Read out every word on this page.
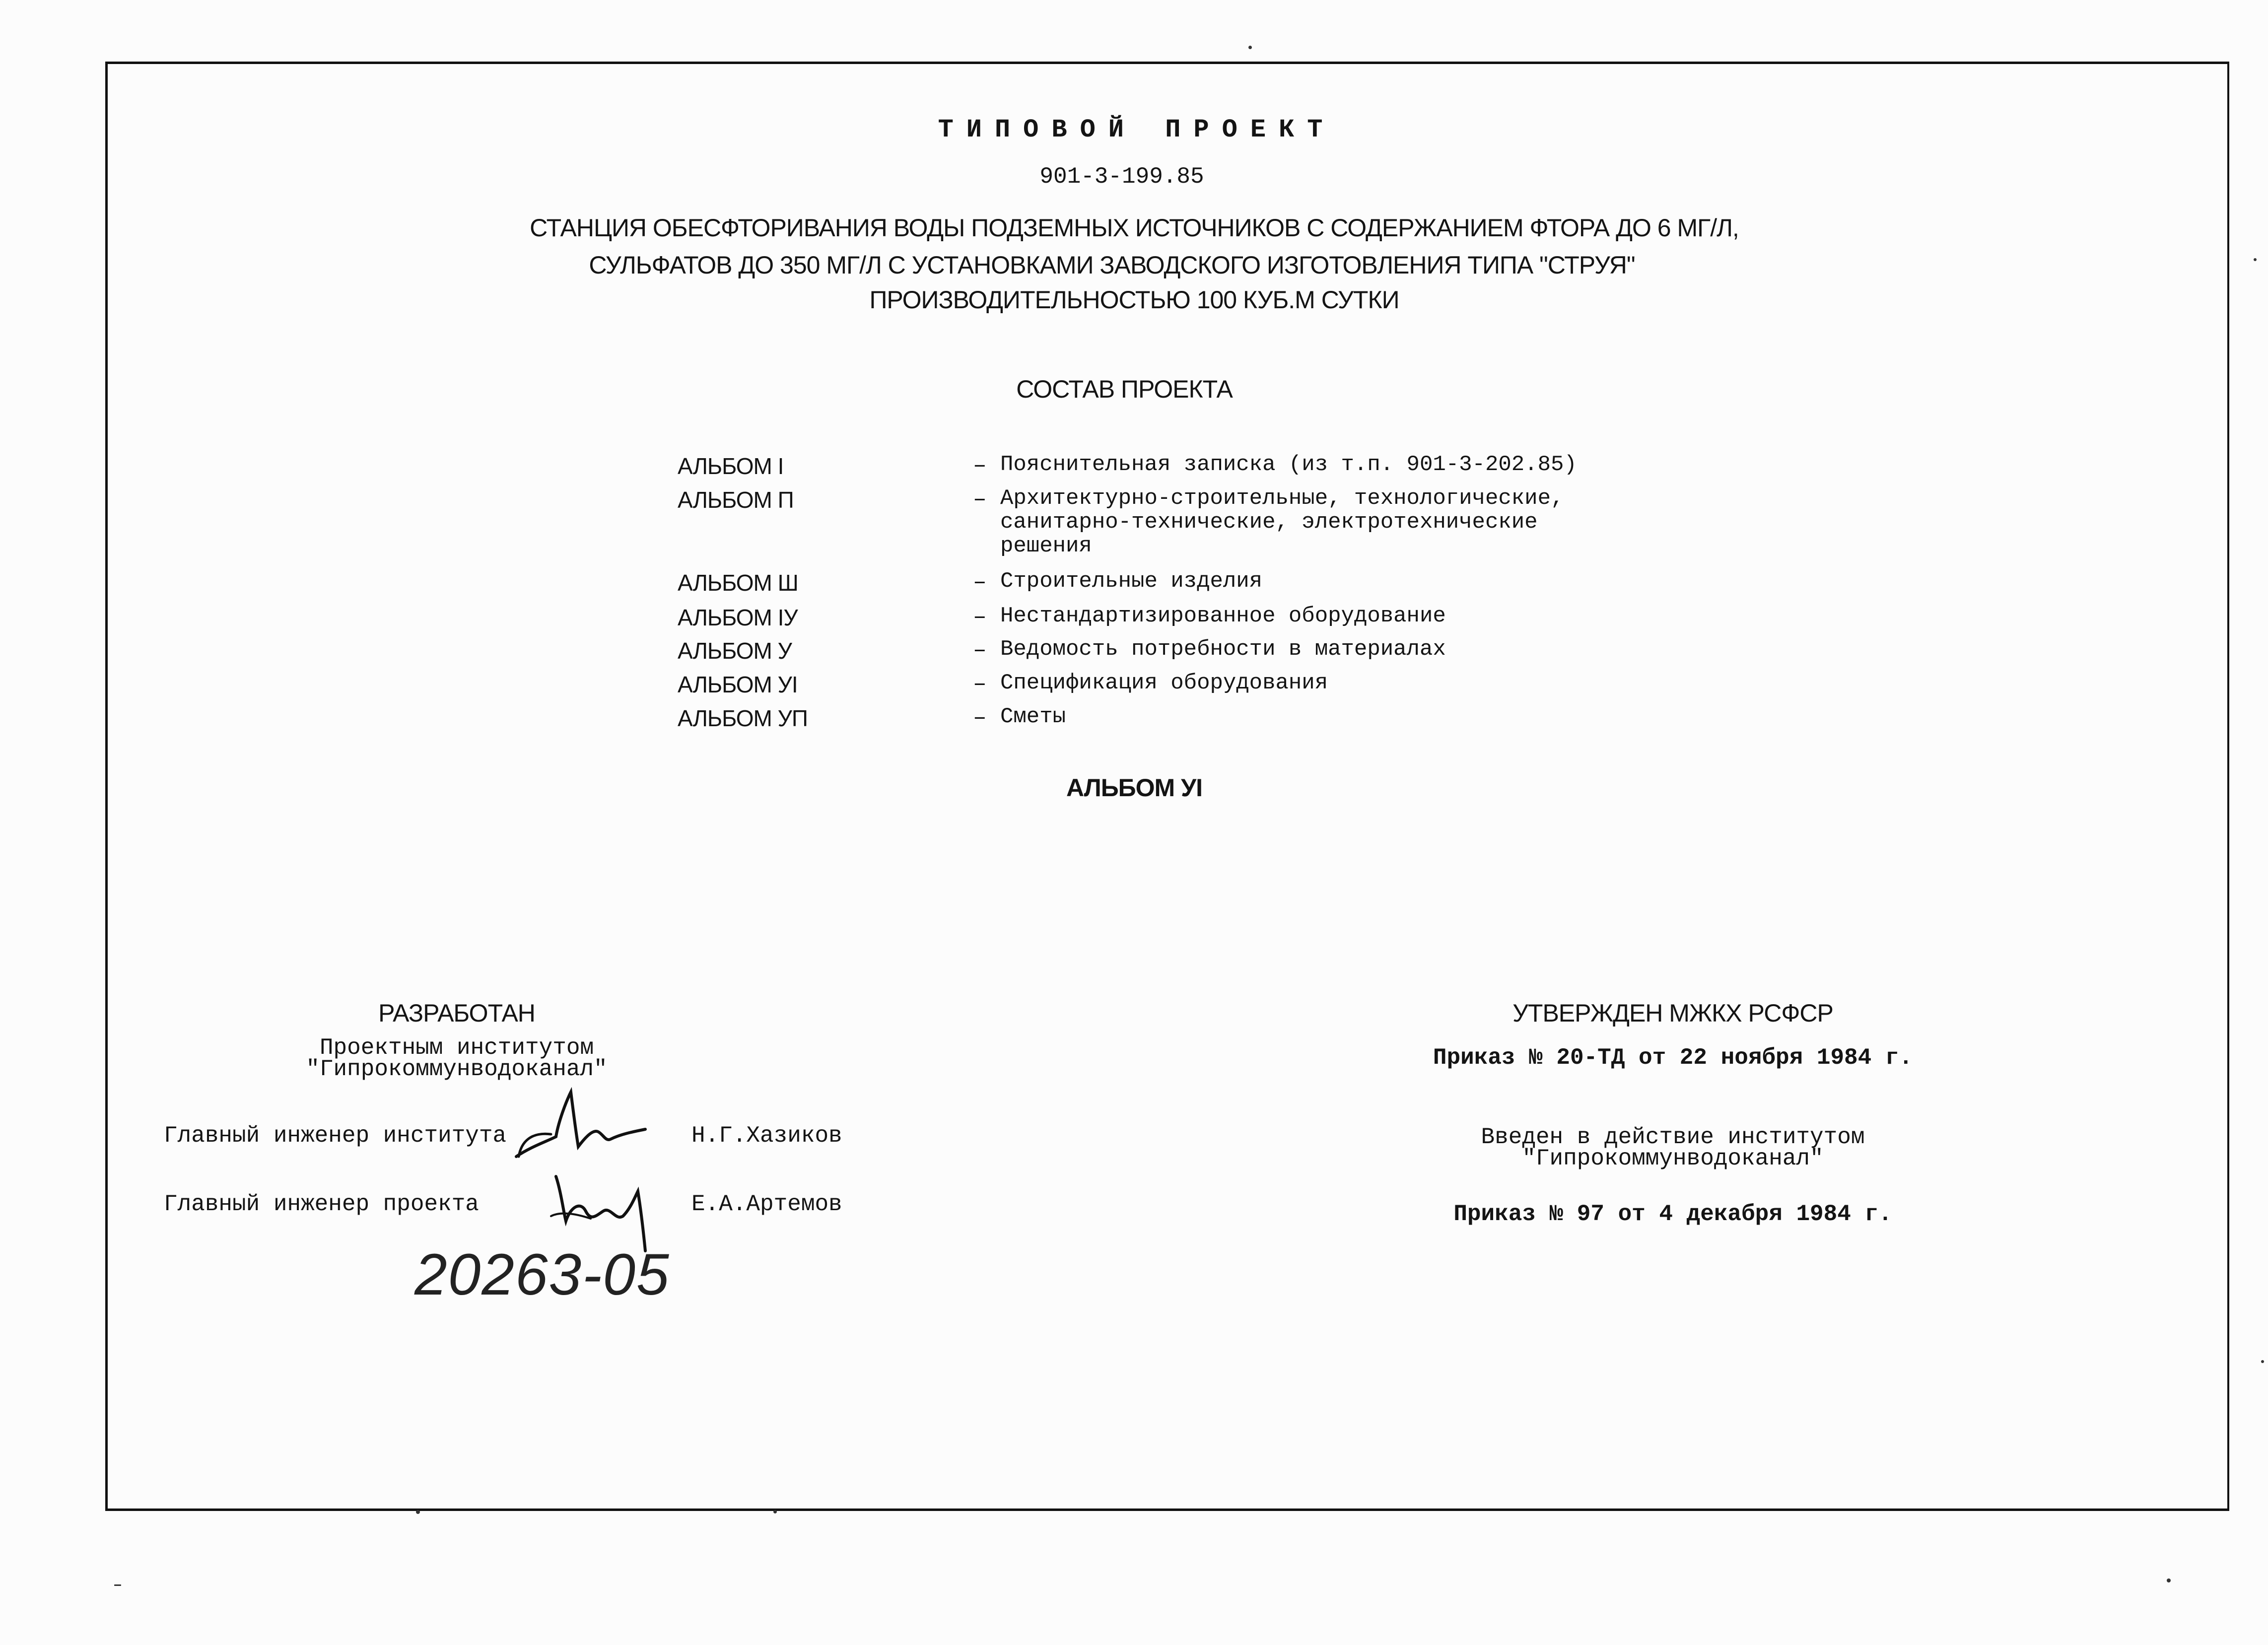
ТИПОВОЙ ПРОЕКТ
901-3-199.85
СТАНЦИЯ ОБЕСФТОРИВАНИЯ ВОДЫ ПОДЗЕМНЫХ ИСТОЧНИКОВ С СОДЕРЖАНИЕМ ФТОРА ДО 6 МГ/Л,
СУЛЬФАТОВ ДО 350 МГ/Л С УСТАНОВКАМИ ЗАВОДСКОГО ИЗГОТОВЛЕНИЯ ТИПА "СТРУЯ"
ПРОИЗВОДИТЕЛЬНОСТЬЮ 100 КУБ.М СУТКИ
СОСТАВ ПРОЕКТА
АЛЬБОМ I	– Пояснительная записка (из т.п. 901-3-202.85)
АЛЬБОМ П	– Архитектурно-строительные, технологические, санитарно-технические, электротехнические решения
АЛЬБОМ Ш	– Строительные изделия
АЛЬБОМ IУ	– Нестандартизированное оборудование
АЛЬБОМ У	– Ведомость потребности в материалах
АЛЬБОМ УI	– Спецификация оборудования
АЛЬБОМ УП	– Сметы
АЛЬБОМ УI
РАЗРАБОТАН
Проектным институтом
"Гипрокоммунводоканал"
Главный инженер института	Н.Г.Хазиков
Главный инженер проекта	Е.А.Артемов
20263-05
УТВЕРЖДЕН МЖКХ РСФСР
Приказ № 20-ТД от 22 ноября 1984 г.
Введен в действие институтом
"Гипрокоммунводоканал"
Приказ № 97 от 4 декабря 1984 г.
